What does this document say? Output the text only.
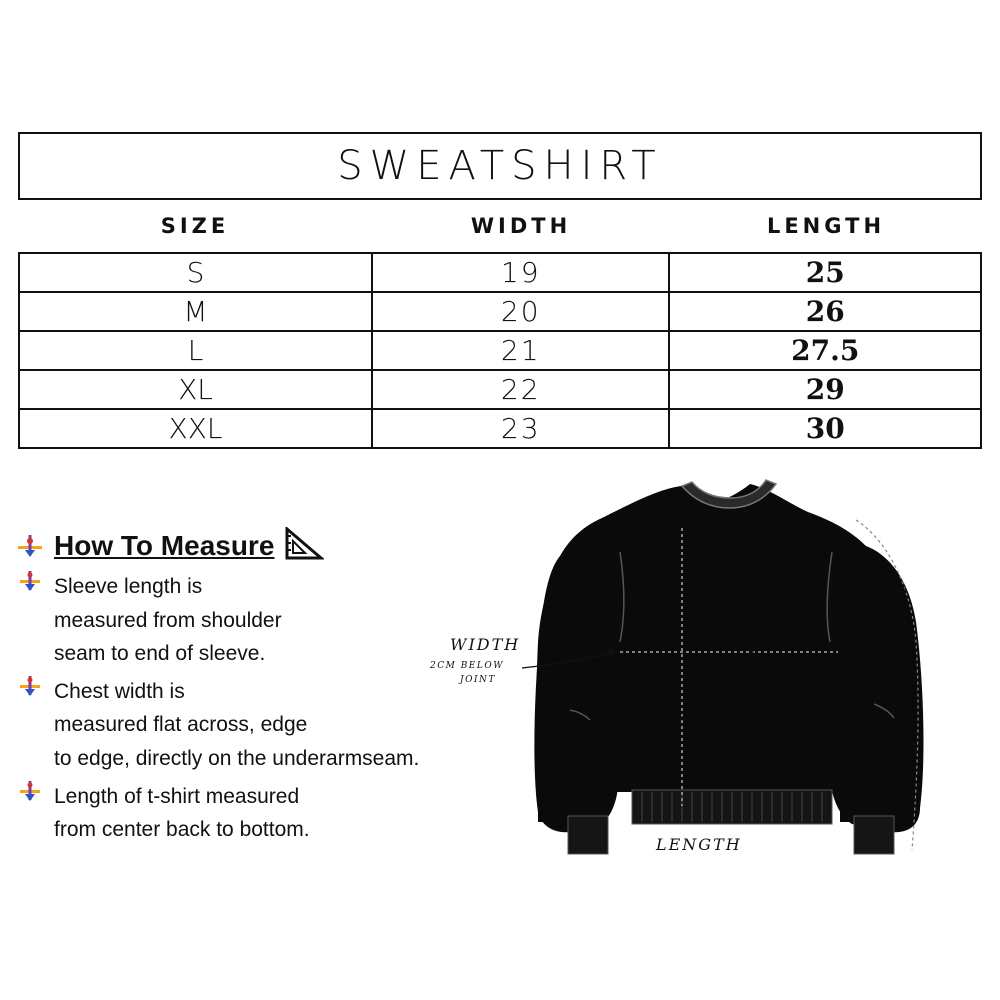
SWEATSHIRT
SIZE	WIDTH	LENGTH
S	19	25
M	20	26
L	21	27.5
XL	22	29
XXL	23	30
How To Measure
Sleeve length is
measured from shoulder
seam to end of sleeve.
Chest width is
measured flat across, edge
to edge, directly on the underarmseam.
Length of t-shirt measured
from center back to bottom.
A
B
C
WIDTH
2CM BELOW
JOINT
LENGTH
